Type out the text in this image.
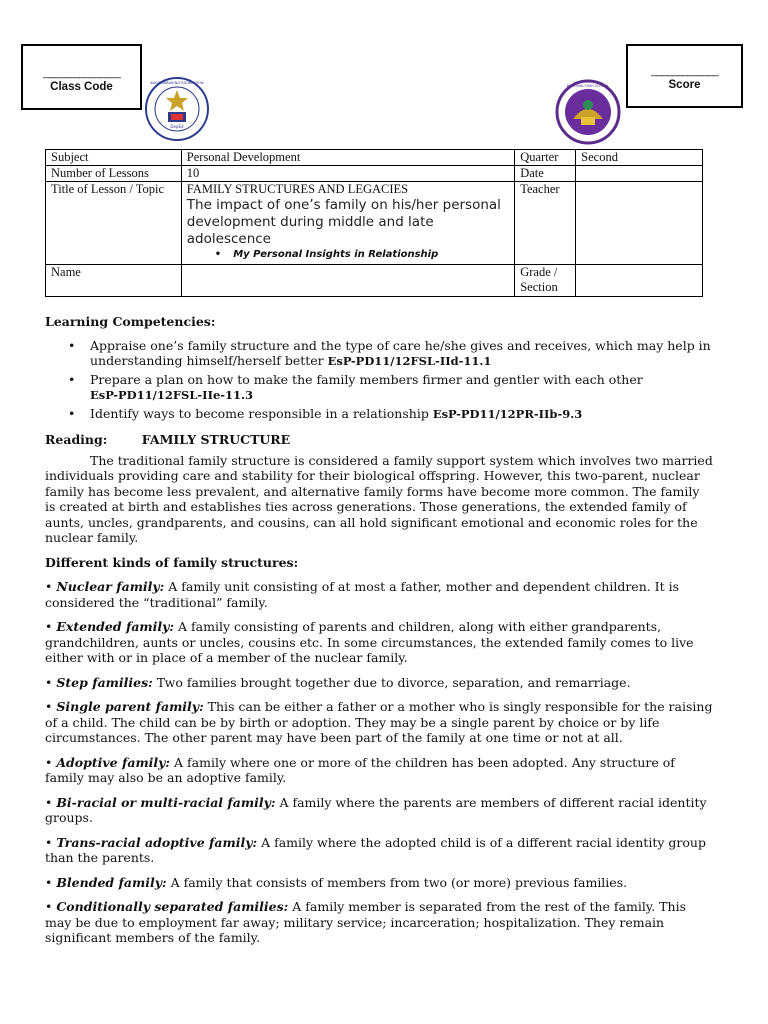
_______________
Class Code
DepEd
KAGAWARAN NG EDUKASYON
NATIONAL HIGH SCHOOL
_____________
Score
Subject	Personal Development	Quarter	Second
Number of Lessons	10	Date	
Title of Lesson / Topic	FAMILY STRUCTURES AND LEGACIES
The impact of one’s family on his/her personal development during middle and late adolescence
• My Personal Insights in Relationship	Teacher	
Name		Grade / Section	
Learning Competencies:
• Appraise one’s family structure and the type of care he/she gives and receives, which may help in understanding himself/herself better EsP-PD11/12FSL-IId-11.1
• Prepare a plan on how to make the family members firmer and gentler with each other
EsP-PD11/12FSL-IIe-11.3
• Identify ways to become responsible in a relationship EsP-PD11/12PR-IIb-9.3
Reading:	FAMILY STRUCTURE

The traditional family structure is considered a family support system which involves two married individuals providing care and stability for their biological offspring. However, this two-parent, nuclear family has become less prevalent, and alternative family forms have become more common. The family is created at birth and establishes ties across generations. Those generations, the extended family of aunts, uncles, grandparents, and cousins, can all hold significant emotional and economic roles for the nuclear family.

Different kinds of family structures:

• Nuclear family: A family unit consisting of at most a father, mother and dependent children. It is considered the “traditional” family.

• Extended family: A family consisting of parents and children, along with either grandparents, grandchildren, aunts or uncles, cousins etc. In some circumstances, the extended family comes to live either with or in place of a member of the nuclear family.

• Step families: Two families brought together due to divorce, separation, and remarriage.

• Single parent family: This can be either a father or a mother who is singly responsible for the raising of a child. The child can be by birth or adoption. They may be a single parent by choice or by life circumstances. The other parent may have been part of the family at one time or not at all.

• Adoptive family: A family where one or more of the children has been adopted. Any structure of family may also be an adoptive family.

• Bi-racial or multi-racial family: A family where the parents are members of different racial identity groups.

• Trans-racial adoptive family: A family where the adopted child is of a different racial identity group than the parents.

• Blended family: A family that consists of members from two (or more) previous families.

• Conditionally separated families: A family member is separated from the rest of the family. This may be due to employment far away; military service; incarceration; hospitalization. They remain significant members of the family.
